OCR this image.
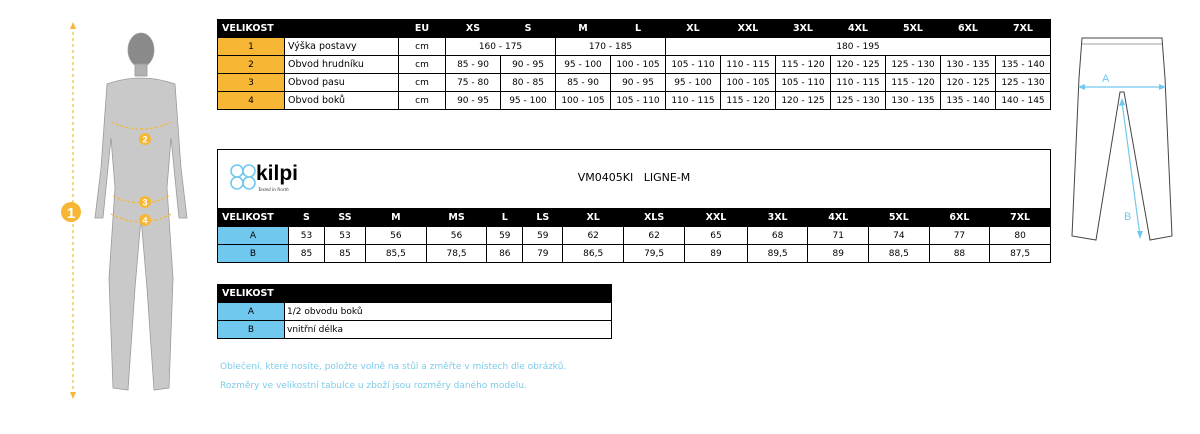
1
2
3
4
VELIKOST		EU	XS	S	M	L	XL	XXL	3XL	4XL	5XL	6XL	7XL
1	Výška postavy	cm	160 - 175		170 - 185		180 - 195						
2	Obvod hrudníku	cm	85 - 90	90 - 95	95 - 100	100 - 105	105 - 110	110 - 115	115 - 120	120 - 125	125 - 130	130 - 135	135 - 140
3	Obvod pasu	cm	75 - 80	80 - 85	85 - 90	90 - 95	95 - 100	100 - 105	105 - 110	110 - 115	115 - 120	120 - 125	125 - 130
4	Obvod boků	cm	90 - 95	95 - 100	100 - 105	105 - 110	110 - 115	115 - 120	120 - 125	125 - 130	130 - 135	135 - 140	140 - 145
kilpi
Tested in North
VM0405KI   LIGNE-M
VELIKOST	S	SS	M	MS	L	LS	XL	XLS	XXL	3XL	4XL	5XL	6XL	7XL
A	53	53	56	56	59	59	62	62	65	68	71	74	77	80
B	85	85	85,5	78,5	86	79	86,5	79,5	89	89,5	89	88,5	88	87,5
VELIKOST	
A	1/2 obvodu boků
B	vnitřní délka
Oblečení, které nosíte, položte volně na stůl a změřte v místech dle obrázků.
Rozměry ve velikostní tabulce u zboží jsou rozměry daného modelu.
A
B
